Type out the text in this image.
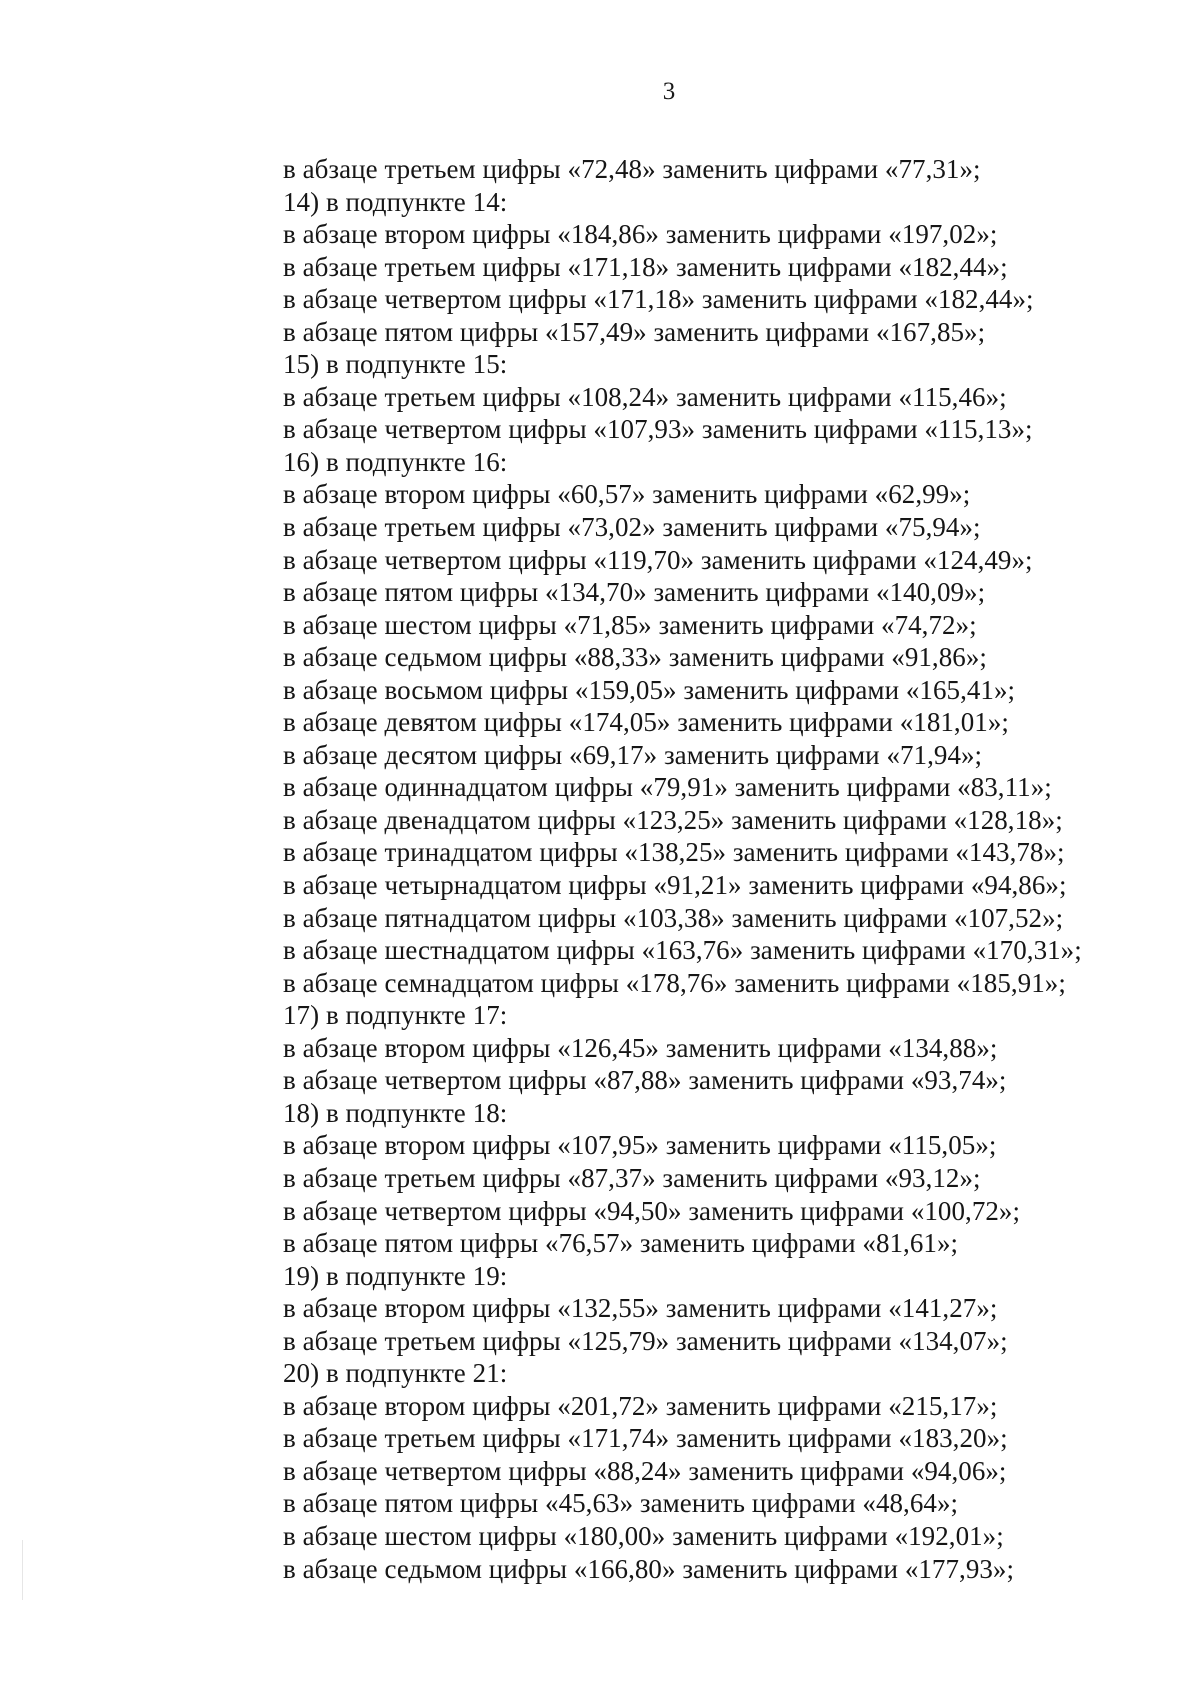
3
в абзаце третьем цифры «72,48» заменить цифрами «77,31»;
14) в подпункте 14:
в абзаце втором цифры «184,86» заменить цифрами «197,02»;
в абзаце третьем цифры «171,18» заменить цифрами «182,44»;
в абзаце четвертом цифры «171,18» заменить цифрами «182,44»;
в абзаце пятом цифры «157,49» заменить цифрами «167,85»;
15) в подпункте 15:
в абзаце третьем цифры «108,24» заменить цифрами «115,46»;
в абзаце четвертом цифры «107,93» заменить цифрами «115,13»;
16) в подпункте 16:
в абзаце втором цифры «60,57» заменить цифрами «62,99»;
в абзаце третьем цифры «73,02» заменить цифрами «75,94»;
в абзаце четвертом цифры «119,70» заменить цифрами «124,49»;
в абзаце пятом цифры «134,70» заменить цифрами «140,09»;
в абзаце шестом цифры «71,85» заменить цифрами «74,72»;
в абзаце седьмом цифры «88,33» заменить цифрами «91,86»;
в абзаце восьмом цифры «159,05» заменить цифрами «165,41»;
в абзаце девятом цифры «174,05» заменить цифрами «181,01»;
в абзаце десятом цифры «69,17» заменить цифрами «71,94»;
в абзаце одиннадцатом цифры «79,91» заменить цифрами «83,11»;
в абзаце двенадцатом цифры «123,25» заменить цифрами «128,18»;
в абзаце тринадцатом цифры «138,25» заменить цифрами «143,78»;
в абзаце четырнадцатом цифры «91,21» заменить цифрами «94,86»;
в абзаце пятнадцатом цифры «103,38» заменить цифрами «107,52»;
в абзаце шестнадцатом цифры «163,76» заменить цифрами «170,31»;
в абзаце семнадцатом цифры «178,76» заменить цифрами «185,91»;
17) в подпункте 17:
в абзаце втором цифры «126,45» заменить цифрами «134,88»;
в абзаце четвертом цифры «87,88» заменить цифрами «93,74»;
18) в подпункте 18:
в абзаце втором цифры «107,95» заменить цифрами «115,05»;
в абзаце третьем цифры «87,37» заменить цифрами «93,12»;
в абзаце четвертом цифры «94,50» заменить цифрами «100,72»;
в абзаце пятом цифры «76,57» заменить цифрами «81,61»;
19) в подпункте 19:
в абзаце втором цифры «132,55» заменить цифрами «141,27»;
в абзаце третьем цифры «125,79» заменить цифрами «134,07»;
20) в подпункте 21:
в абзаце втором цифры «201,72» заменить цифрами «215,17»;
в абзаце третьем цифры «171,74» заменить цифрами «183,20»;
в абзаце четвертом цифры «88,24» заменить цифрами «94,06»;
в абзаце пятом цифры «45,63» заменить цифрами «48,64»;
в абзаце шестом цифры «180,00» заменить цифрами «192,01»;
в абзаце седьмом цифры «166,80» заменить цифрами «177,93»;
